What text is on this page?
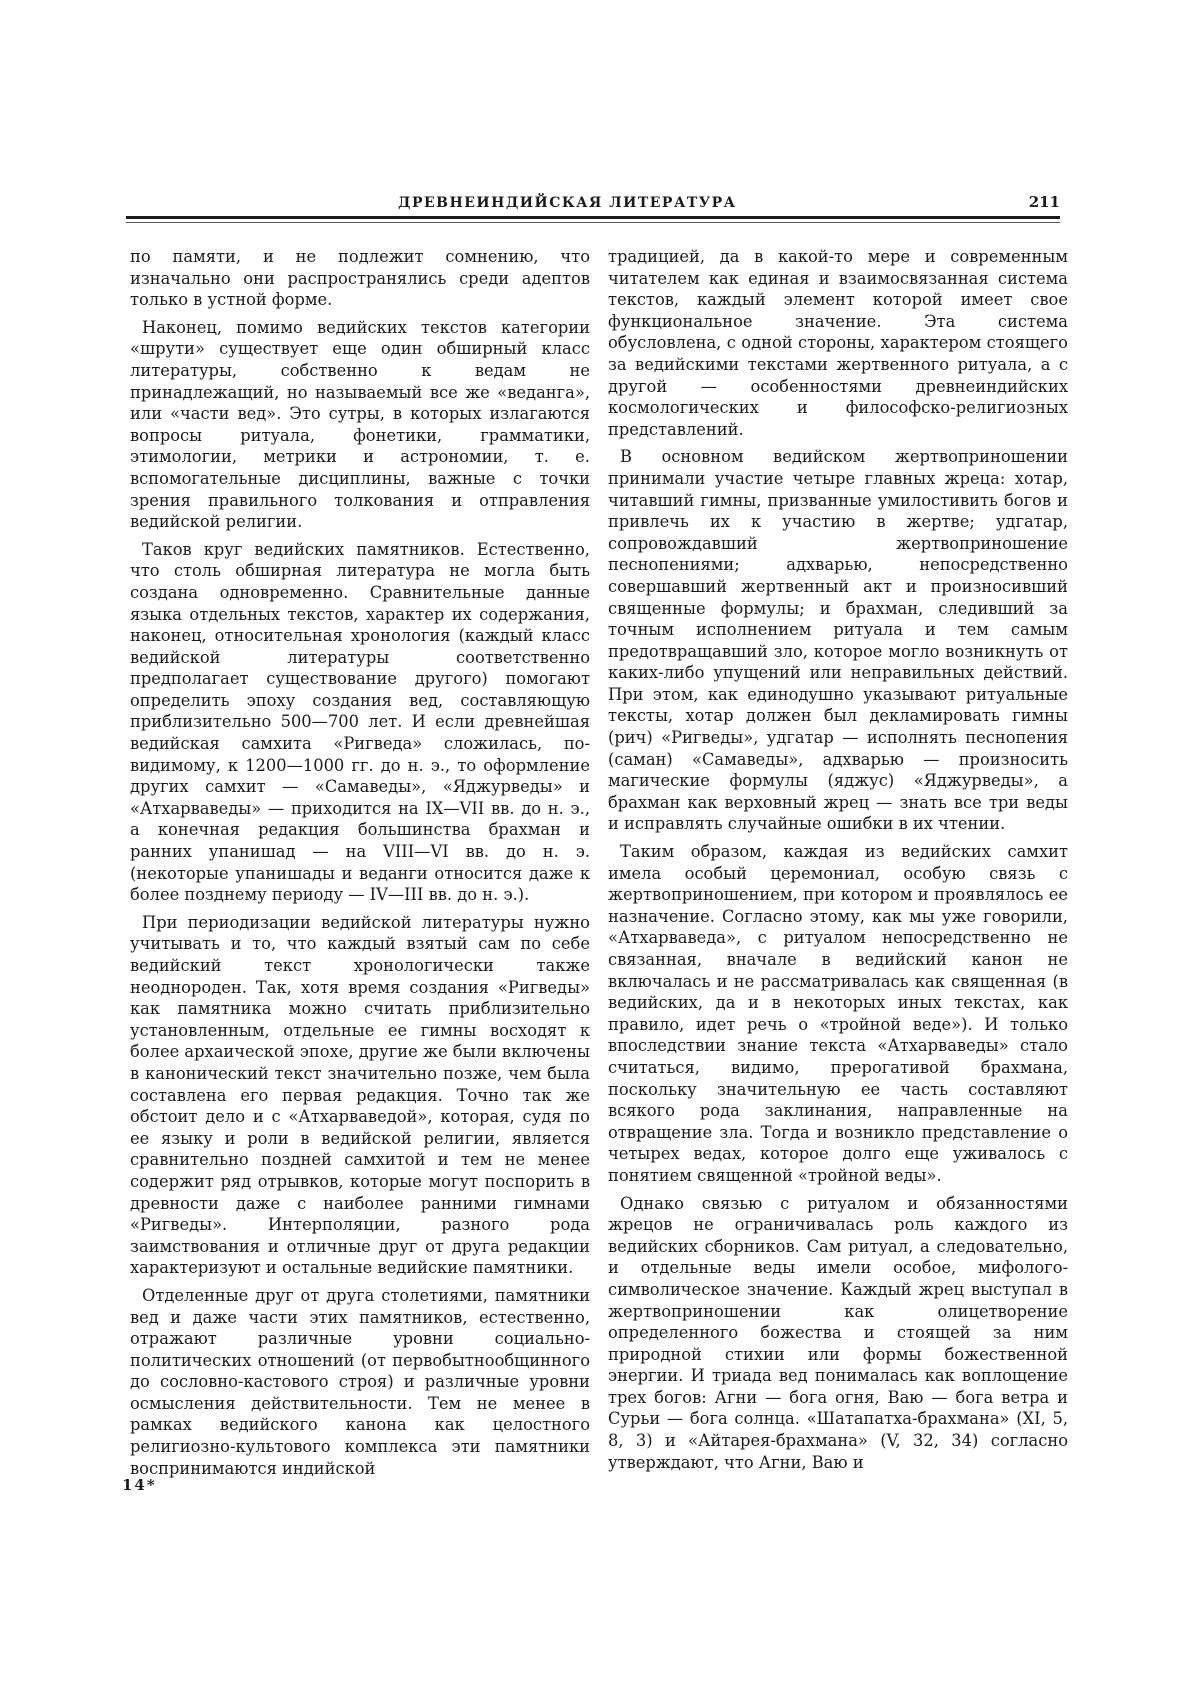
ДРЕВНЕИНДИЙСКАЯ ЛИТЕРАТУРА	211

по памяти, и не подлежит сомнению, что изначально они распространялись среди адептов только в устной форме.

Наконец, помимо ведийских текстов категории «шрути» существует еще один обширный класс литературы, собственно к ведам не принадлежащий, но называемый все же «веданга», или «части вед». Это сутры, в которых излагаются вопросы ритуала, фонетики, грамматики, этимологии, метрики и астрономии, т. е. вспомогательные дисциплины, важные с точки зрения правильного толкования и отправления ведийской религии.

Таков круг ведийских памятников. Естественно, что столь обширная литература не могла быть создана одновременно. Сравнительные данные языка отдельных текстов, характер их содержания, наконец, относительная хронология (каждый класс ведийской литературы соответственно предполагает существование другого) помогают определить эпоху создания вед, составляющую приблизительно 500—700 лет. И если древнейшая ведийская самхита «Ригведа» сложилась, по-видимому, к 1200—1000 гг. до н. э., то оформление других самхит — «Самаведы», «Яджурведы» и «Атхарваведы» — приходится на IX—VII вв. до н. э., а конечная редакция большинства брахман и ранних упанишад — на VIII—VI вв. до н. э. (некоторые упанишады и веданги относится даже к более позднему периоду — IV—III вв. до н. э.).

При периодизации ведийской литературы нужно учитывать и то, что каждый взятый сам по себе ведийский текст хронологически также неоднороден. Так, хотя время создания «Ригведы» как памятника можно считать приблизительно установленным, отдельные ее гимны восходят к более архаической эпохе, другие же были включены в канонический текст значительно позже, чем была составлена его первая редакция. Точно так же обстоит дело и с «Атхарваведой», которая, судя по ее языку и роли в ведийской религии, является сравнительно поздней самхитой и тем не менее содержит ряд отрывков, которые могут поспорить в древности даже с наиболее ранними гимнами «Ригведы». Интерполяции, разного рода заимствования и отличные друг от друга редакции характеризуют и остальные ведийские памятники.

Отделенные друг от друга столетиями, памятники вед и даже части этих памятников, естественно, отражают различные уровни социально-политических отношений (от первобытнообщинного до сословно-кастового строя) и различные уровни осмысления действительности. Тем не менее в рамках ведийского канона как целостного религиозно-культового комплекса эти памятники воспринимаются индийской

традицией, да в какой-то мере и современным читателем как единая и взаимосвязанная система текстов, каждый элемент которой имеет свое функциональное значение. Эта система обусловлена, с одной стороны, характером стоящего за ведийскими текстами жертвенного ритуала, а с другой — особенностями древнеиндийских космологических и философско-религиозных представлений.

В основном ведийском жертвоприношении принимали участие четыре главных жреца: хотар, читавший гимны, призванные умилостивить богов и привлечь их к участию в жертве; удгатар, сопровождавший жертвоприношение песнопениями; адхварью, непосредственно совершавший жертвенный акт и произносивший священные формулы; и брахман, следивший за точным исполнением ритуала и тем самым предотвращавший зло, которое могло возникнуть от каких-либо упущений или неправильных действий. При этом, как единодушно указывают ритуальные тексты, хотар должен был декламировать гимны (рич) «Ригведы», удгатар — исполнять песнопения (саман) «Самаведы», адхварью — произносить магические формулы (яджус) «Яджурведы», а брахман как верховный жрец — знать все три веды и исправлять случайные ошибки в их чтении.

Таким образом, каждая из ведийских самхит имела особый церемониал, особую связь с жертвоприношением, при котором и проявлялось ее назначение. Согласно этому, как мы уже говорили, «Атхарваведа», с ритуалом непосредственно не связанная, вначале в ведийский канон не включалась и не рассматривалась как священная (в ведийских, да и в некоторых иных текстах, как правило, идет речь о «тройной веде»). И только впоследствии знание текста «Атхарваведы» стало считаться, видимо, прерогативой брахмана, поскольку значительную ее часть составляют всякого рода заклинания, направленные на отвращение зла. Тогда и возникло представление о четырех ведах, которое долго еще уживалось с понятием священной «тройной веды».

Однако связью с ритуалом и обязанностями жрецов не ограничивалась роль каждого из ведийских сборников. Сам ритуал, а следовательно, и отдельные веды имели особое, мифолого-символическое значение. Каждый жрец выступал в жертвоприношении как олицетворение определенного божества и стоящей за ним природной стихии или формы божественной энергии. И триада вед понималась как воплощение трех богов: Агни — бога огня, Ваю — бога ветра и Сурьи — бога солнца. «Шатапатха-брахмана» (XI, 5, 8, 3) и «Айтарея-брахмана» (V, 32, 34) согласно утверждают, что Агни, Ваю и

14*
